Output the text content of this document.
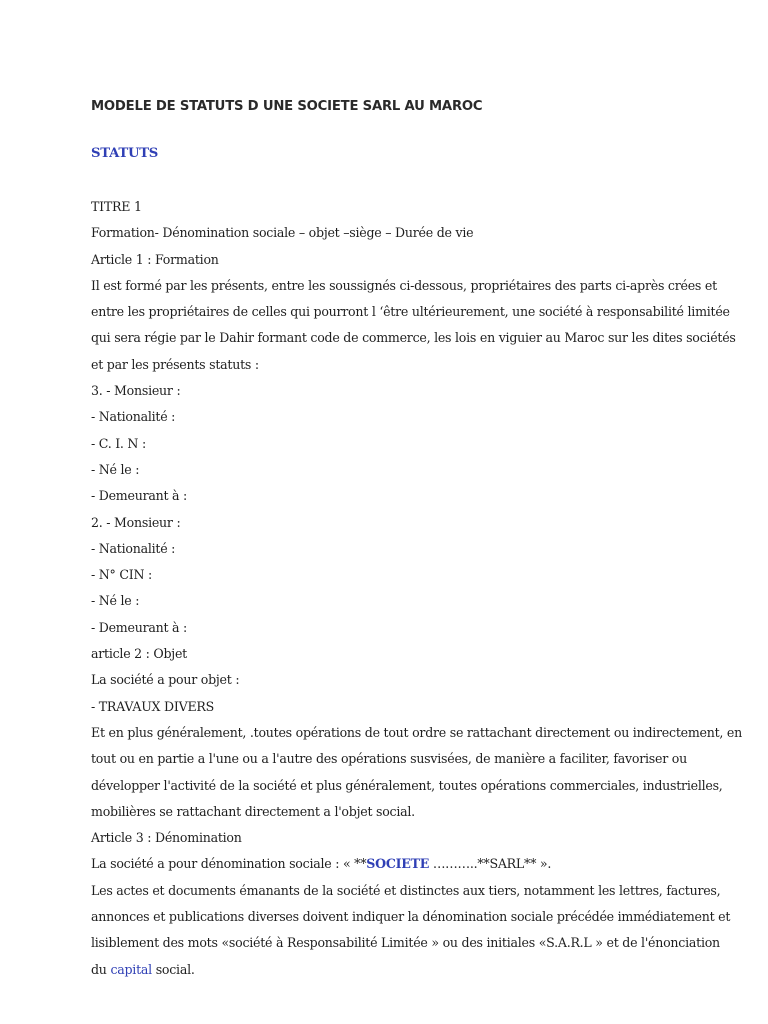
MODELE DE STATUTS D UNE SOCIETE SARL AU MAROC
STATUTS
TITRE 1
Formation- Dénomination sociale – objet –siège – Durée de vie
Article 1 : Formation
Il est formé par les présents, entre les soussignés ci-dessous, propriétaires des parts ci-après crées et
entre les propriétaires de celles qui pourront l ‘être ultérieurement, une société à responsabilité limitée
qui sera régie par le Dahir formant code de commerce, les lois en viguier au Maroc sur les dites sociétés
et par les présents statuts :
3. - Monsieur :
- Nationalité :
- C. I. N :
- Né le :
- Demeurant à :
2. - Monsieur :
- Nationalité :
- N° CIN :
- Né le :
- Demeurant à :
article 2 : Objet
La société a pour objet :
- TRAVAUX DIVERS
Et en plus généralement, .toutes opérations de tout ordre se rattachant directement ou indirectement, en
tout ou en partie a l'une ou a l'autre des opérations susvisées, de manière a faciliter, favoriser ou
développer l'activité de la société et plus généralement, toutes opérations commerciales, industrielles,
mobilières se rattachant directement a l'objet social.
Article 3 : Dénomination
La société a pour dénomination sociale : « **SOCIETE ………..**SARL** ».
Les actes et documents émanants de la société et distinctes aux tiers, notamment les lettres, factures,
annonces et publications diverses doivent indiquer la dénomination sociale précédée immédiatement et
lisiblement des mots «société à Responsabilité Limitée » ou des initiales «S.A.R.L » et de l'énonciation
du capital social.
